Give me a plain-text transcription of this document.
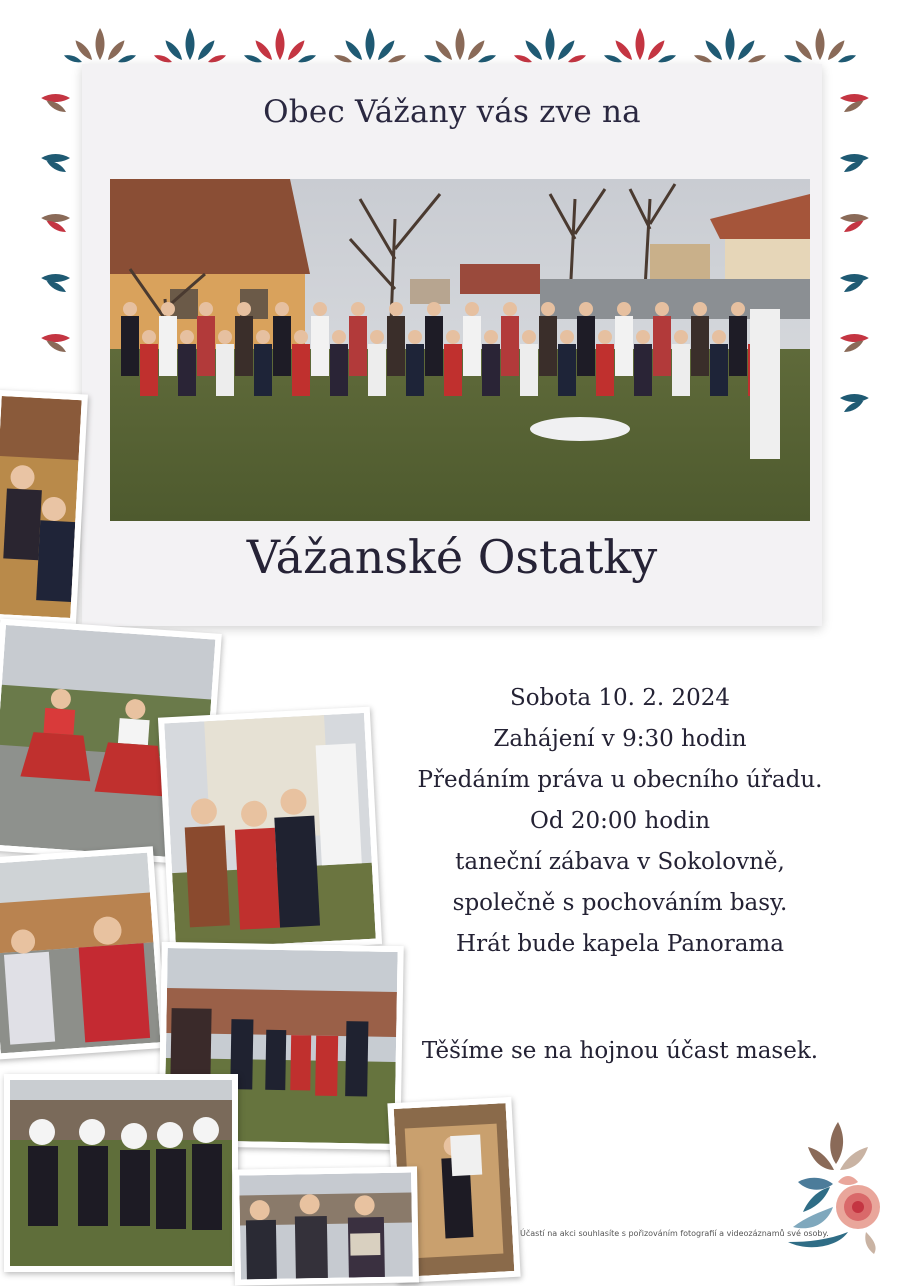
Obec Vážany vás zve na
Vážanské Ostatky
Sobota 10. 2. 2024
Zahájení v 9:30 hodin
Předáním práva u obecního úřadu.
Od 20:00 hodin
taneční zábava v Sokolovně,
společně s pochováním basy.
Hrát bude kapela Panorama
Těšíme se na hojnou účast masek.
Účastí na akci souhlasíte s pořizováním fotografií a videozáznamů své osoby.
